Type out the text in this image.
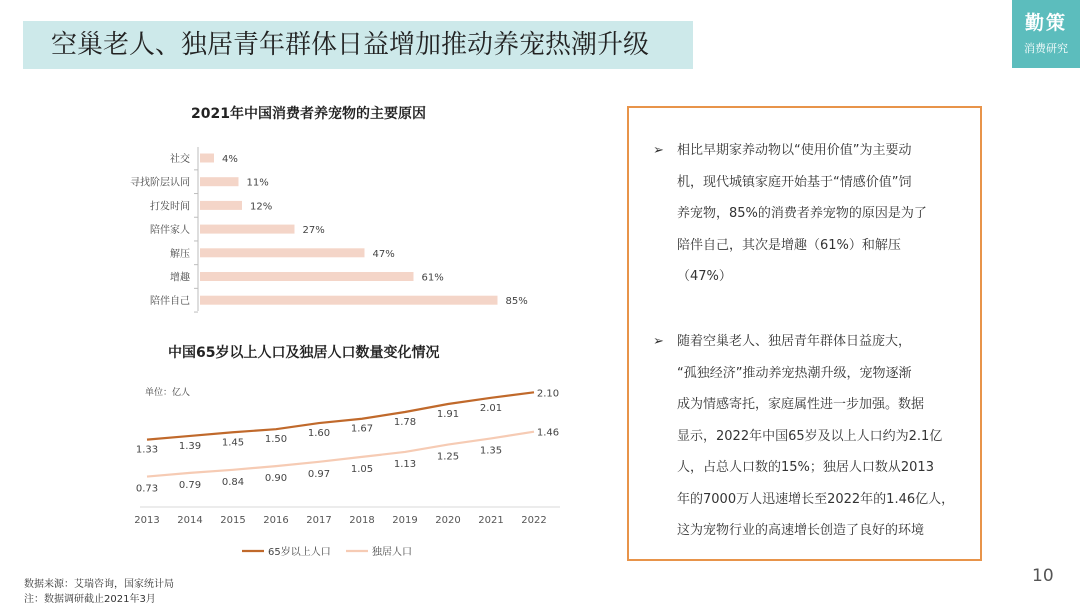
空巢老人、独居青年群体日益增加推动养宠热潮升级
勤策
消费研究
2021年中国消费者养宠物的主要原因
社交	4%
寻找阶层认同	11%
打发时间	12%
陪伴家人	27%
解压	47%
增趣	61%
陪伴自己	85%
中国65岁以上人口及独居人口数量变化情况
单位：亿人
2013 2014 2015 2016 2017 2018 2019 2020 2021 2022
1.33 1.39 1.45 1.50
1.60 1.67
1.78
1.91
2.01
2.10
0.73 0.79 0.84 0.90 0.97 1.05 1.13
1.25
1.35
1.46
65岁以上人口	独居人口
➢ 相比早期家养动物以“使用价值”为主要动
机，现代城镇家庭开始基于“情感价值”饲
养宠物，85%的消费者养宠物的原因是为了
陪伴自己，其次是增趣（61%）和解压
（47%）
➢ 随着空巢老人、独居青年群体日益庞大，
“孤独经济”推动养宠热潮升级，宠物逐渐
成为情感寄托，家庭属性进一步加强。数据
显示，2022年中国65岁及以上人口约为2.1亿
人，占总人口数的15%；独居人口数从2013
年的7000万人迅速增长至2022年的1.46亿人，
这为宠物行业的高速增长创造了良好的环境
数据来源：艾瑞咨询，国家统计局
注：数据调研截止2021年3月
10
